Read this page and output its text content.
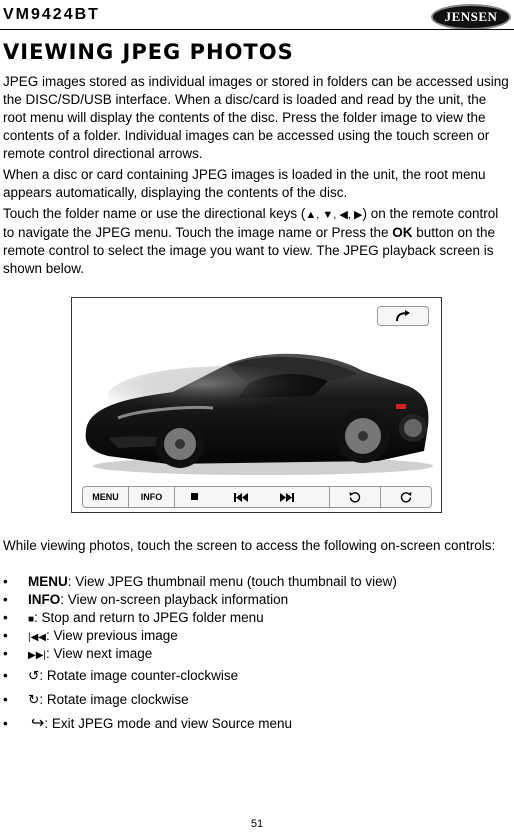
VM9424BT	JENSEN
VIEWING JPEG PHOTOS

JPEG images stored as individual images or stored in folders can be accessed using the DISC/SD/USB interface. When a disc/card is loaded and read by the unit, the root menu will display the contents of the disc. Press the folder image to view the contents of a folder. Individual images can be accessed using the touch screen or remote control directional arrows.

When a disc or card containing JPEG images is loaded in the unit, the root menu appears automatically, displaying the contents of the disc.

Touch the folder name or use the directional keys (▲, ▼, ◀, ▶) on the remote control to navigate the JPEG menu. Touch the image name or Press the OK button on the remote control to select the image you want to view. The JPEG playback screen is shown below.

MENU INFO

While viewing photos, touch the screen to access the following on-screen controls:

• MENU: View JPEG thumbnail menu (touch thumbnail to view)
• INFO: View on-screen playback information
• ■: Stop and return to JPEG folder menu
• |◀◀: View previous image
• ▶▶|: View next image
• ↺: Rotate image counter-clockwise
• ↻: Rotate image clockwise
• ↪: Exit JPEG mode and view Source menu
51
